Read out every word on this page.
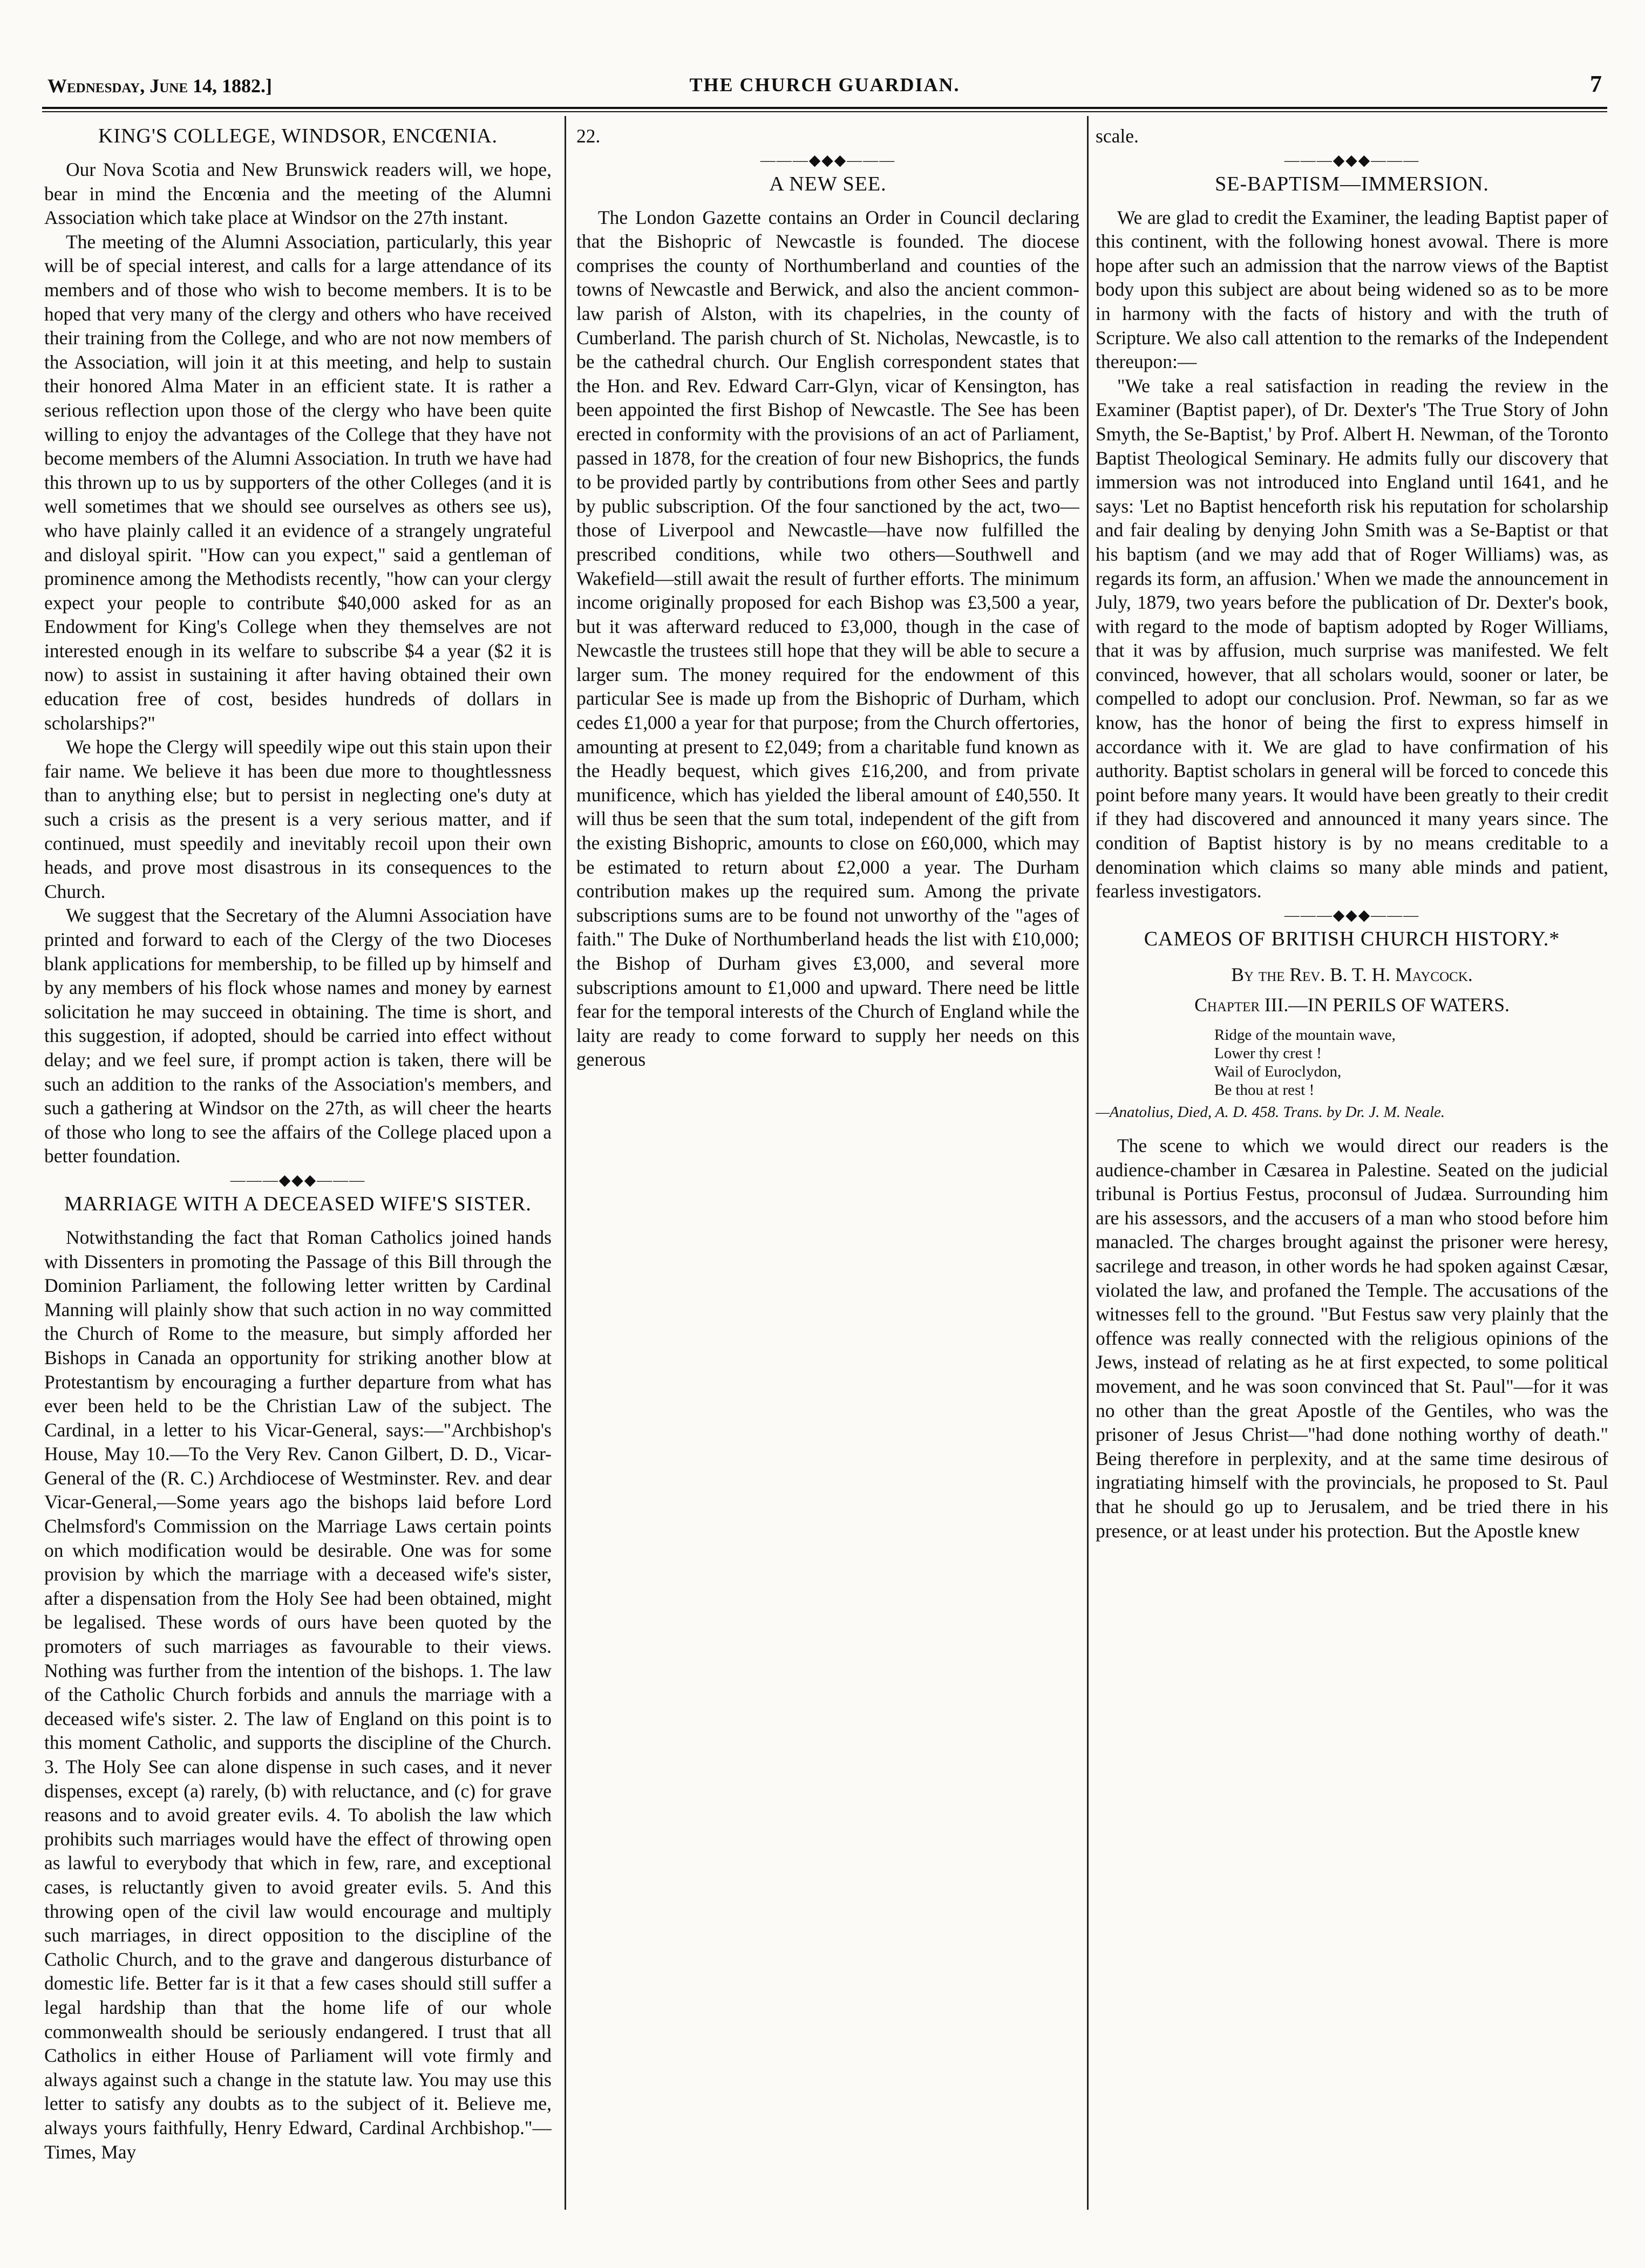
Wednesday, June 14, 1882.]	THE CHURCH GUARDIAN.	7
KING'S COLLEGE, WINDSOR, ENCŒNIA.

Our Nova Scotia and New Brunswick readers will, we hope, bear in mind the Encœnia and the meeting of the Alumni Association which take place at Windsor on the 27th instant.

The meeting of the Alumni Association, particularly, this year will be of special interest, and calls for a large attendance of its members and of those who wish to become members. It is to be hoped that very many of the clergy and others who have received their training from the College, and who are not now members of the Association, will join it at this meeting, and help to sustain their honored Alma Mater in an efficient state. It is rather a serious reflection upon those of the clergy who have been quite willing to enjoy the advantages of the College that they have not become members of the Alumni Association. In truth we have had this thrown up to us by supporters of the other Colleges (and it is well sometimes that we should see ourselves as others see us), who have plainly called it an evidence of a strangely ungrateful and disloyal spirit. "How can you expect," said a gentleman of prominence among the Methodists recently, "how can your clergy expect your people to contribute $40,000 asked for as an Endowment for King's College when they themselves are not interested enough in its welfare to subscribe $4 a year ($2 it is now) to assist in sustaining it after having obtained their own education free of cost, besides hundreds of dollars in scholarships?"

We hope the Clergy will speedily wipe out this stain upon their fair name. We believe it has been due more to thoughtlessness than to anything else; but to persist in neglecting one's duty at such a crisis as the present is a very serious matter, and if continued, must speedily and inevitably recoil upon their own heads, and prove most disastrous in its consequences to the Church.

We suggest that the Secretary of the Alumni Association have printed and forward to each of the Clergy of the two Dioceses blank applications for membership, to be filled up by himself and by any members of his flock whose names and money by earnest solicitation he may succeed in obtaining. The time is short, and this suggestion, if adopted, should be carried into effect without delay; and we feel sure, if prompt action is taken, there will be such an addition to the ranks of the Association's members, and such a gathering at Windsor on the 27th, as will cheer the hearts of those who long to see the affairs of the College placed upon a better foundation.

———◆◆◆———
MARRIAGE WITH A DECEASED WIFE'S SISTER.

Notwithstanding the fact that Roman Catholics joined hands with Dissenters in promoting the Passage of this Bill through the Dominion Parliament, the following letter written by Cardinal Manning will plainly show that such action in no way committed the Church of Rome to the measure, but simply afforded her Bishops in Canada an opportunity for striking another blow at Protestantism by encouraging a further departure from what has ever been held to be the Christian Law of the subject. The Cardinal, in a letter to his Vicar-General, says:—"Archbishop's House, May 10.—To the Very Rev. Canon Gilbert, D. D., Vicar-General of the (R. C.) Archdiocese of Westminster. Rev. and dear Vicar-General,—Some years ago the bishops laid before Lord Chelmsford's Commission on the Marriage Laws certain points on which modification would be desirable. One was for some provision by which the marriage with a deceased wife's sister, after a dispensation from the Holy See had been obtained, might be legalised. These words of ours have been quoted by the promoters of such marriages as favourable to their views. Nothing was further from the intention of the bishops. 1. The law of the Catholic Church forbids and annuls the marriage with a deceased wife's sister. 2. The law of England on this point is to this moment Catholic, and supports the discipline of the Church. 3. The Holy See can alone dispense in such cases, and it never dispenses, except (a) rarely, (b) with reluctance, and (c) for grave reasons and to avoid greater evils. 4. To abolish the law which prohibits such marriages would have the effect of throwing open as lawful to everybody that which in few, rare, and exceptional cases, is reluctantly given to avoid greater evils. 5. And this throwing open of the civil law would encourage and multiply such marriages, in direct opposition to the discipline of the Catholic Church, and to the grave and dangerous disturbance of domestic life. Better far is it that a few cases should still suffer a legal hardship than that the home life of our whole commonwealth should be seriously endangered. I trust that all Catholics in either House of Parliament will vote firmly and always against such a change in the statute law. You may use this letter to satisfy any doubts as to the subject of it. Believe me, always yours faithfully, Henry Edward, Cardinal Archbishop."—Times, May

22.

———◆◆◆———
A NEW SEE.

The London Gazette contains an Order in Council declaring that the Bishopric of Newcastle is founded. The diocese comprises the county of Northumberland and counties of the towns of Newcastle and Berwick, and also the ancient common-law parish of Alston, with its chapelries, in the county of Cumberland. The parish church of St. Nicholas, Newcastle, is to be the cathedral church. Our English correspondent states that the Hon. and Rev. Edward Carr-Glyn, vicar of Kensington, has been appointed the first Bishop of Newcastle. The See has been erected in conformity with the provisions of an act of Parliament, passed in 1878, for the creation of four new Bishoprics, the funds to be provided partly by contributions from other Sees and partly by public subscription. Of the four sanctioned by the act, two—those of Liverpool and Newcastle—have now fulfilled the prescribed conditions, while two others—Southwell and Wakefield—still await the result of further efforts. The minimum income originally proposed for each Bishop was £3,500 a year, but it was afterward reduced to £3,000, though in the case of Newcastle the trustees still hope that they will be able to secure a larger sum. The money required for the endowment of this particular See is made up from the Bishopric of Durham, which cedes £1,000 a year for that purpose; from the Church offertories, amounting at present to £2,049; from a charitable fund known as the Headly bequest, which gives £16,200, and from private munificence, which has yielded the liberal amount of £40,550. It will thus be seen that the sum total, independent of the gift from the existing Bishopric, amounts to close on £60,000, which may be estimated to return about £2,000 a year. The Durham contribution makes up the required sum. Among the private subscriptions sums are to be found not unworthy of the "ages of faith." The Duke of Northumberland heads the list with £10,000; the Bishop of Durham gives £3,000, and several more subscriptions amount to £1,000 and upward. There need be little fear for the temporal interests of the Church of England while the laity are ready to come forward to supply her needs on this generous

scale.

———◆◆◆———
SE-BAPTISM—IMMERSION.

We are glad to credit the Examiner, the leading Baptist paper of this continent, with the following honest avowal. There is more hope after such an admission that the narrow views of the Baptist body upon this subject are about being widened so as to be more in harmony with the facts of history and with the truth of Scripture. We also call attention to the remarks of the Independent thereupon:—

"We take a real satisfaction in reading the review in the Examiner (Baptist paper), of Dr. Dexter's 'The True Story of John Smyth, the Se-Baptist,' by Prof. Albert H. Newman, of the Toronto Baptist Theological Seminary. He admits fully our discovery that immersion was not introduced into England until 1641, and he says: 'Let no Baptist henceforth risk his reputation for scholarship and fair dealing by denying John Smith was a Se-Baptist or that his baptism (and we may add that of Roger Williams) was, as regards its form, an affusion.' When we made the announcement in July, 1879, two years before the publication of Dr. Dexter's book, with regard to the mode of baptism adopted by Roger Williams, that it was by affusion, much surprise was manifested. We felt convinced, however, that all scholars would, sooner or later, be compelled to adopt our conclusion. Prof. Newman, so far as we know, has the honor of being the first to express himself in accordance with it. We are glad to have confirmation of his authority. Baptist scholars in general will be forced to concede this point before many years. It would have been greatly to their credit if they had discovered and announced it many years since. The condition of Baptist history is by no means creditable to a denomination which claims so many able minds and patient, fearless investigators.

———◆◆◆———
CAMEOS OF BRITISH CHURCH HISTORY.*
By the Rev. B. T. H. Maycock.
Chapter III.—IN PERILS OF WATERS.
Ridge of the mountain wave,
Lower thy crest !
Wail of Euroclydon,
Be thou at rest !
—Anatolius, Died, A. D. 458. Trans. by Dr. J. M. Neale.

The scene to which we would direct our readers is the audience-chamber in Cæsarea in Palestine. Seated on the judicial tribunal is Portius Festus, proconsul of Judæa. Surrounding him are his assessors, and the accusers of a man who stood before him manacled. The charges brought against the prisoner were heresy, sacrilege and treason, in other words he had spoken against Cæsar, violated the law, and profaned the Temple. The accusations of the witnesses fell to the ground. "But Festus saw very plainly that the offence was really connected with the religious opinions of the Jews, instead of relating as he at first expected, to some political movement, and he was soon convinced that St. Paul"—for it was no other than the great Apostle of the Gentiles, who was the prisoner of Jesus Christ—"had done nothing worthy of death." Being therefore in perplexity, and at the same time desirous of ingratiating himself with the provincials, he proposed to St. Paul that he should go up to Jerusalem, and be tried there in his presence, or at least under his protection. But the Apostle knew
